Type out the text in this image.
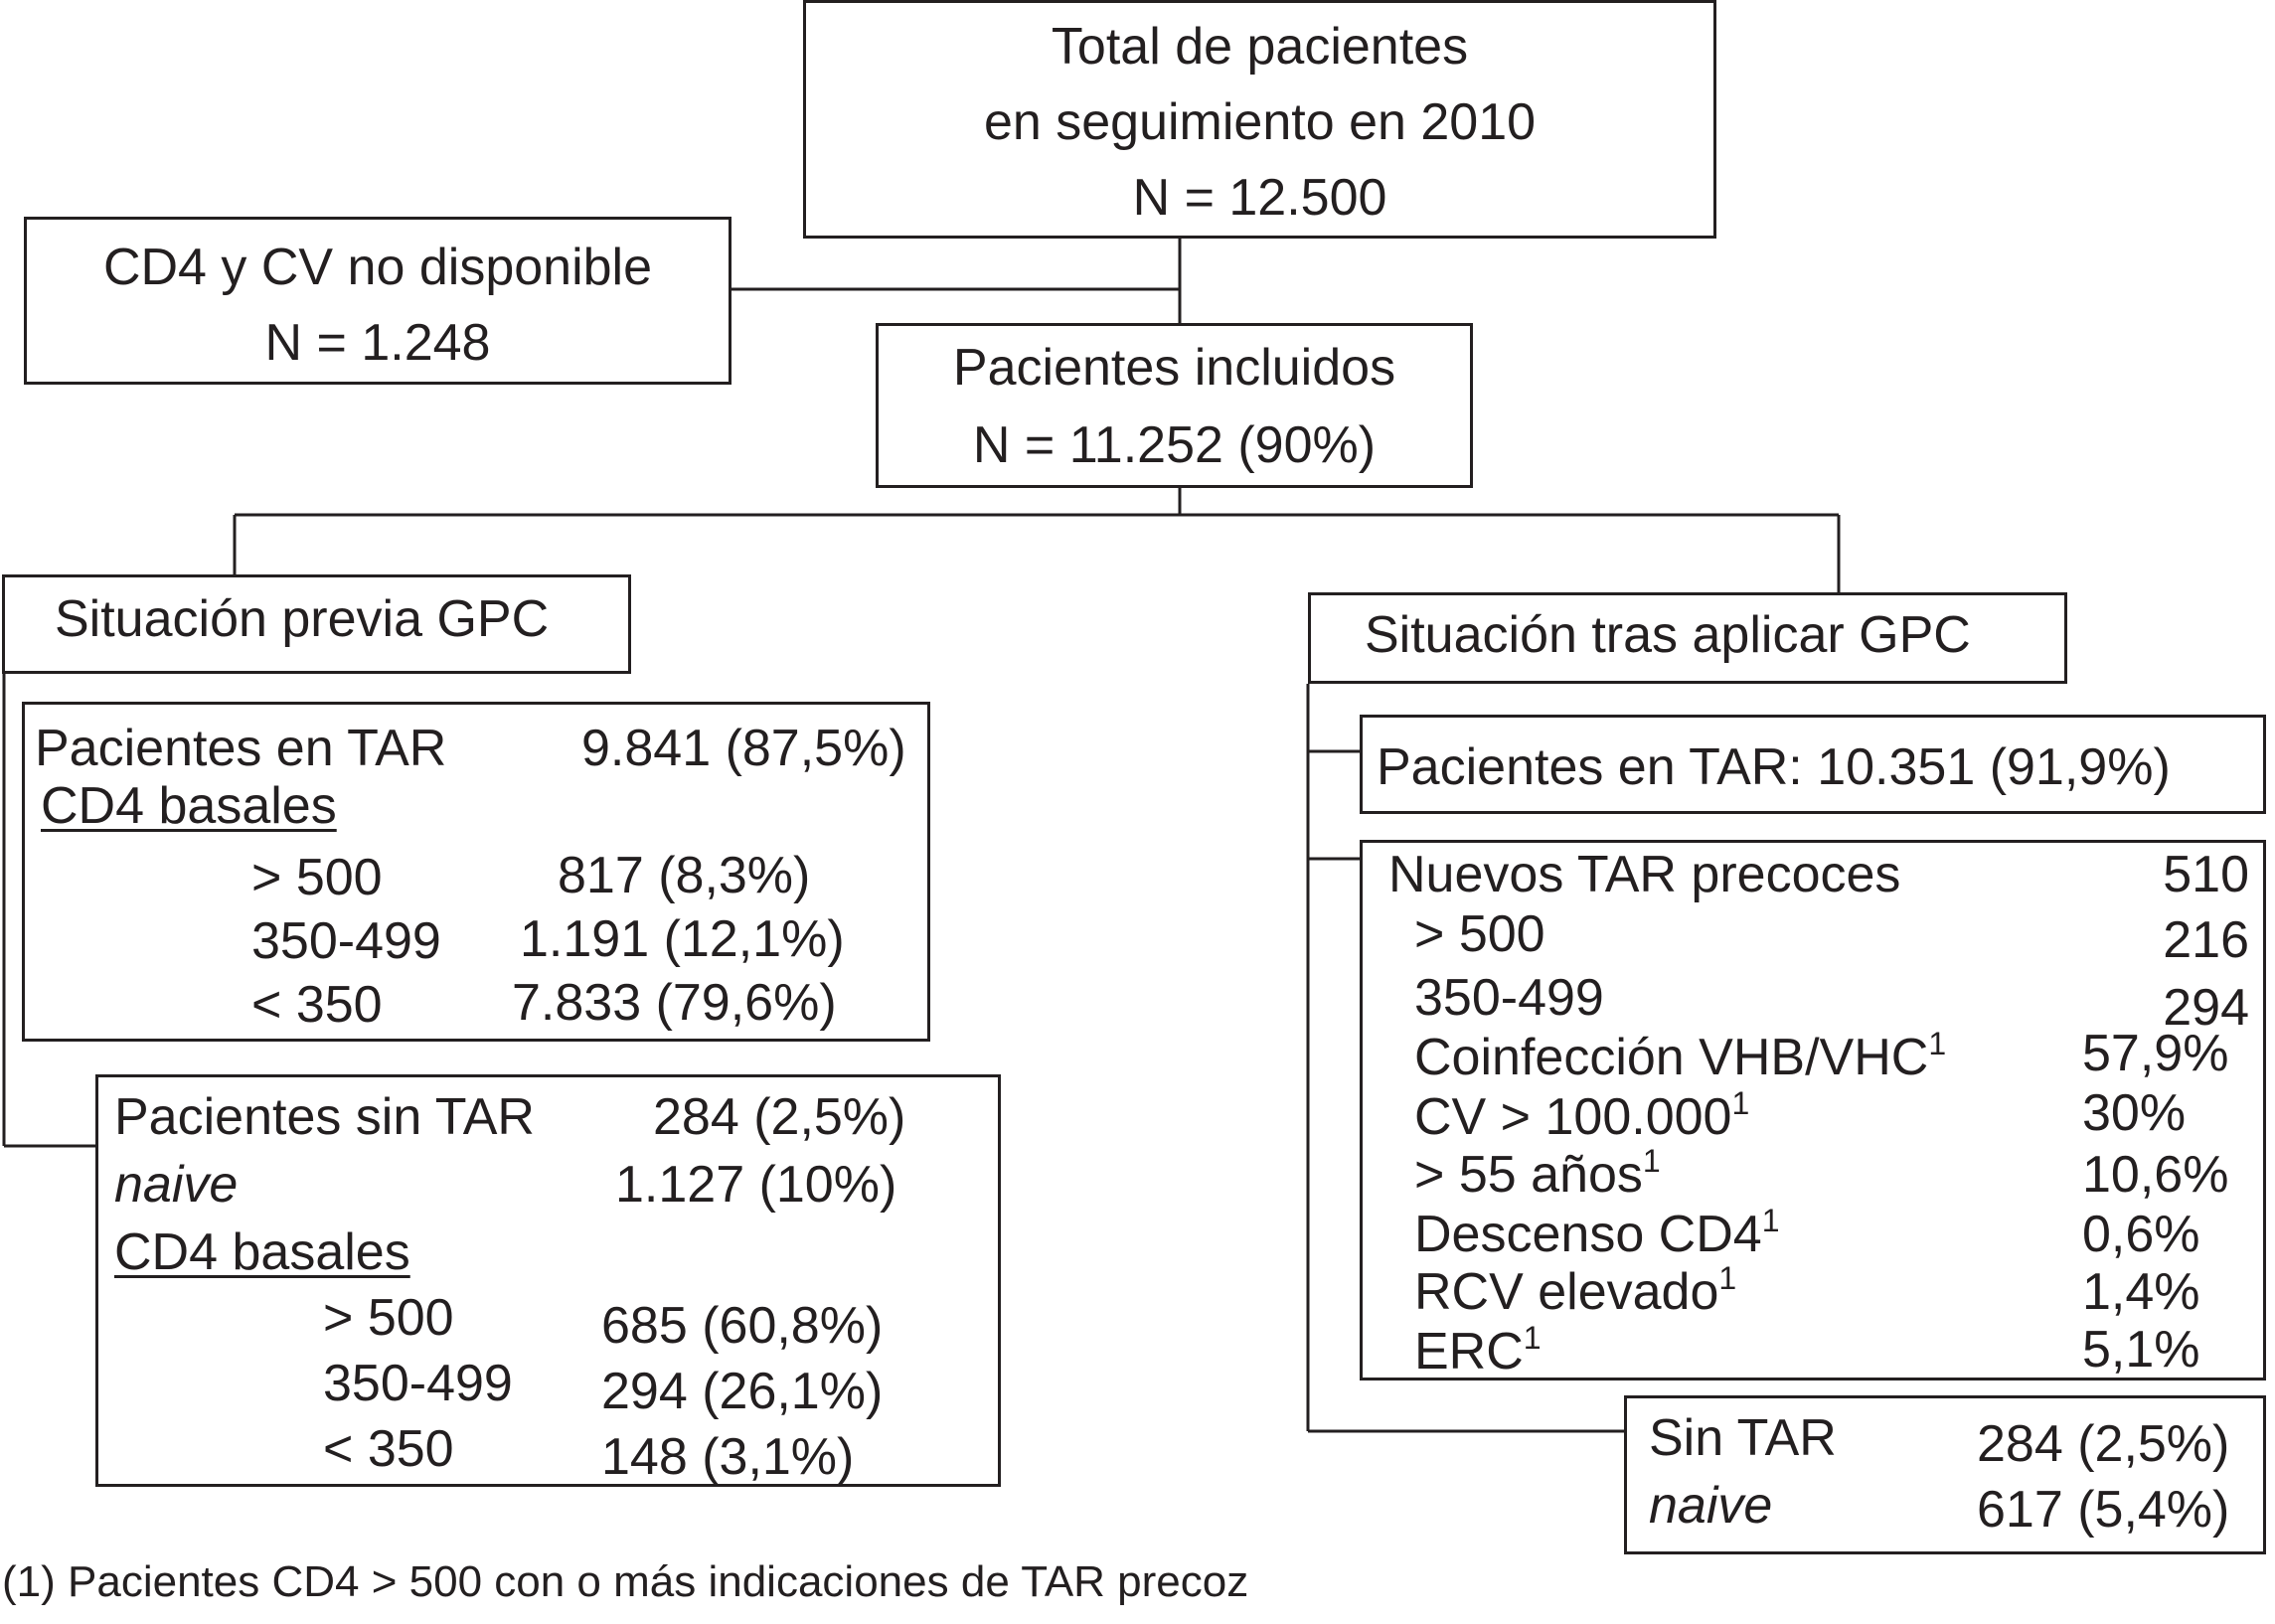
Total de pacientes
en seguimiento en 2010
N = 12.500
CD4 y CV no disponible
N = 1.248	Pacientes incluidos
N = 11.252 (90%)
Situación previa GPC
Pacientes en TAR	9.841 (87,5%)
CD4 basales
> 500	817 (8,3%)
350-499 1.191 (12,1%)
< 350	7.833 (79,6%)
Pacientes sin TAR 284 (2,5%)
naive	1.127 (10%)
CD4 basales
> 500	685 (60,8%)
350-499 294 (26,1%)
< 350	148 (3,1%)
Situación tras aplicar GPC
Pacientes en TAR: 10.351 (91,9%)
Nuevos TAR precoces	510
> 500	216
350-499	294
Coinfección VHB/VHC$^1$	57,9%
CV > $100.000^1$	30%
> 55 años$^1$	10,6%
Descenso $CD4^1$	0,6%
RCV elevado$^1$	1,4%
ERC$^1$	5,1%
Sin TAR	284 (2,5%)
naive	617 (5,4%)
(1) Pacientes CD4 > 500 con o más indicaciones de TAR precoz
